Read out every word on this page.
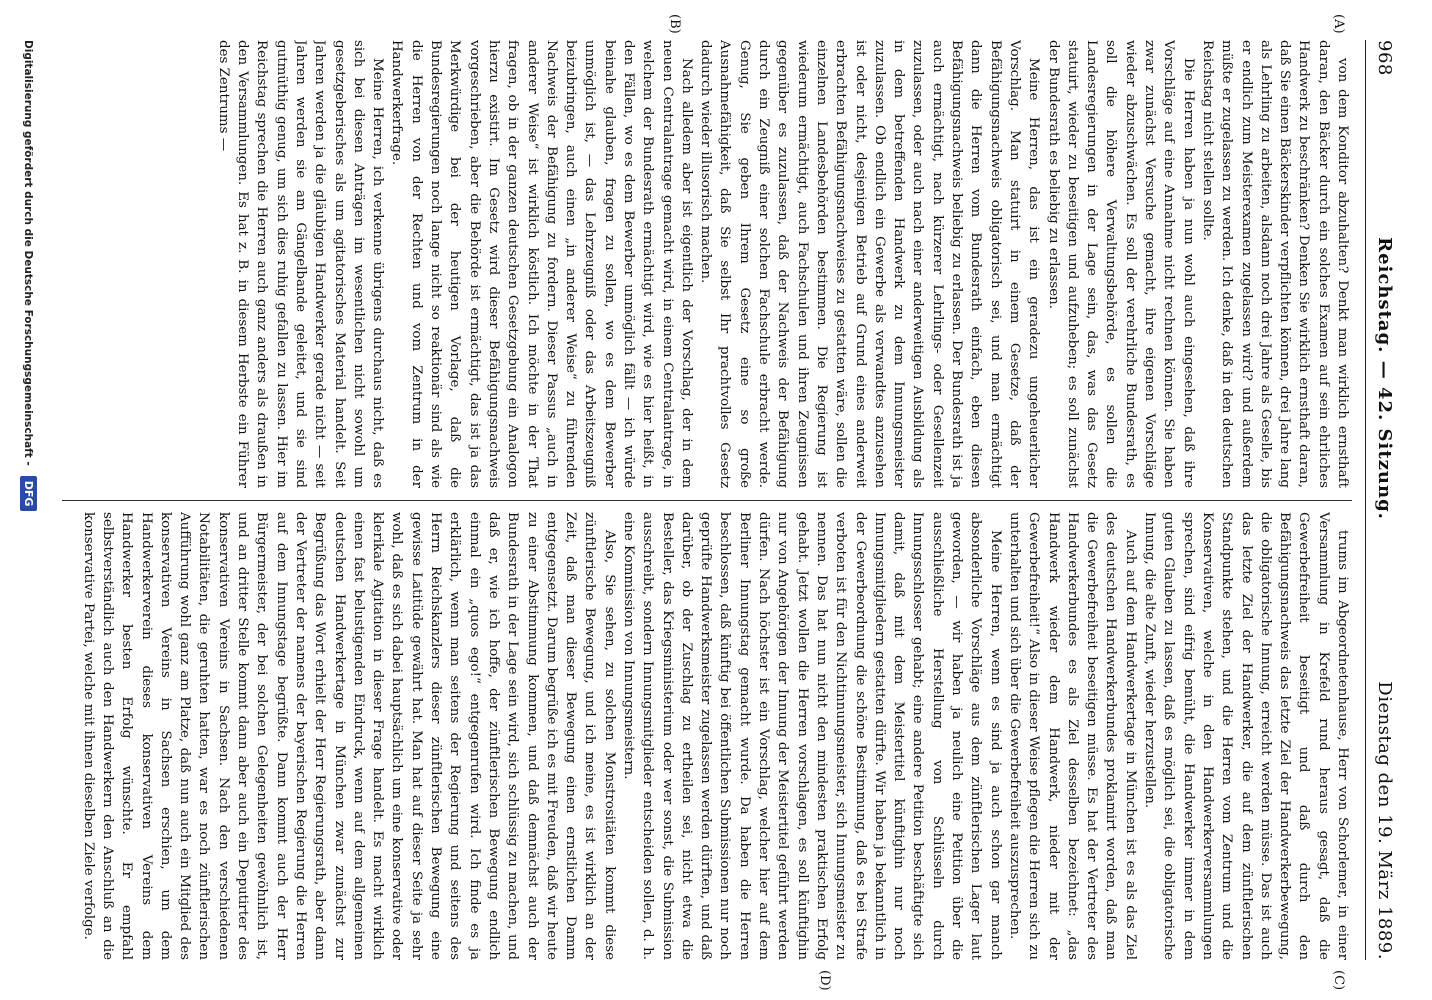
968
Reichstag. — 42. Sitzung.
Dienstag den 19. März 1889.
(A)
(B)
(C)
(D)

von dem Konditor abzuhalten? Denkt man wirklich ernsthaft daran, den Bäcker durch ein solches Examen auf sein ehrliches Handwerk zu beschränken? Denken Sie wirklich ernsthaft daran, daß Sie einen Bäckerskinder verpflichten können, drei Jahre lang als Lehrling zu arbeiten, alsdann noch drei Jahre als Geselle, bis er endlich zum Meisterexamen zugelassen wird? und außerdem müßte er zugelassen zu werden. Ich denke, daß in den deutschen Reichstag nicht stellen sollte.

Die Herren haben ja nun wohl auch eingesehen, daß ihre Vorschläge auf eine Annahme nicht rechnen können. Sie haben zwar zunächst Versuche gemacht, ihre eigenen Vorschläge wieder abzuschwächen. Es soll der verehrliche Bundesrath, es soll die höhere Verwaltungsbehörde, es sollen die Landesregierungen in der Lage sein, das, was das Gesetz statuirt, wieder zu beseitigen und aufzuheben; es soll zunächst der Bundesrath es beliebig zu erlassen.

Meine Herren, das ist ein geradezu ungeheuerlicher Vorschlag. Man statuirt in einem Gesetze, daß der Befähigungsnachweis obligatorisch sei, und man ermächtigt dann die Herren vom Bundesrath einfach, eben diesen Befähigungsnachweis beliebig zu erlassen. Der Bundesrath ist ja auch ermächtigt, nach kürzerer Lehrlings- oder Gesellenzeit zuzulassen, oder auch nach einer anderweitigen Ausbildung als in dem betreffenden Handwerk zu dem Innungsmeister zuzulassen. Ob endlich ein Gewerbe als verwandtes anzusehen ist oder nicht, desjenigen Betrieb auf Grund eines anderweit erbrachten Befähigungsnachweises zu gestatten wäre, sollen die einzelnen Landesbehörden bestimmen. Die Regierung ist wiederum ermächtigt, auch Fachschulen und ihren Zeugnissen gegenüber es zuzulassen, daß der Nachweis der Befähigung durch ein Zeugniß einer solchen Fachschule erbracht werde. Genug, Sie geben Ihrem Gesetz eine so große Ausnahmefähigkeit, daß Sie selbst Ihr prachtvolles Gesetz dadurch wieder illusorisch machen.

Nach alledem aber ist eigentlich der Vorschlag, der in dem neuen Centralantrage gemacht wird, in einem Centralantrage, in welchem der Bundesrath ermächtigt wird, wie es hier heißt, in den Fällen, wo es dem Bewerber unmöglich fällt — ich würde beinahe glauben, fragen zu sollen, wo es dem Bewerber unmöglich ist, — das Lehrzeugniß oder das Arbeitszeugniß beizubringen, auch einen „in anderer Weise“ zu führenden Nachweis der Befähigung zu fordern. Dieser Passus „auch in anderer Weise“ ist wirklich köstlich. Ich möchte in der That fragen, ob in der ganzen deutschen Gesetzgebung ein Analogon hierzu existirt. Im Gesetz wird dieser Befähigungsnachweis vorgeschrieben, aber die Behörde ist ermächtigt, das ist ja das Merkwürdige bei der heutigen Vorlage, daß die Bundesregierungen noch lange nicht so reaktionär sind als wie die Herren von der Rechten und vom Zentrum in der Handwerkerfrage.

Meine Herren, ich verkenne übrigens durchaus nicht, daß es sich bei diesen Anträgen im wesentlichen nicht sowohl um gesetzgeberisches als um agitatorisches Material handelt. Seit Jahren werden ja die gläubigen Handwerker gerade nicht — seit Jahren werden sie am Gängelbande geleitet, und sie sind gutmüthig genug, um sich dies ruhig gefallen zu lassen. Hier im Reichstag sprechen die Herren auch ganz anders als draußen in den Versammlungen. Es hat z. B. in diesem Herbste ein Führer des Zentrums —

trums im Abgeordnetenhause, Herr von Schorlemer, in einer Versammlung in Krefeld rund heraus gesagt, daß die Gewerbefreiheit beseitigt und daß durch den Befähigungsnachweis das letzte Ziel der Handwerkerbewegung, die obligatorische Innung, erreicht werden müsse. Das ist auch das letzte Ziel der Handwerker, die auf dem zünftlerischen Standpunkte stehen, und die Herren vom Zentrum und die Konservativen, welche in den Handwerkerversammlungen sprechen, sind eifrig bemüht, die Handwerker immer in dem guten Glauben zu lassen, daß es möglich sei, die obligatorische Innung, die alte Zunft, wieder herzustellen.

Auch auf dem Handwerkertage in München ist es als das Ziel des deutschen Handwerkerbundes proklamirt worden, daß man die Gewerbefreiheit beseitigen müsse. Es hat der Vertreter des Handwerkerbundes es als Ziel desselben bezeichnet: „das Handwerk wieder dem Handwerk, nieder mit der Gewerbefreiheit!“ Also in dieser Weise pflegen die Herren sich zu unterhalten und sich über die Gewerbefreiheit auszusprechen.

Meine Herren, wenn es sind ja auch schon gar manch absonderliche Vorschläge aus dem zünftlerischen Lager laut geworden, — wir haben ja neulich eine Petition über die ausschließliche Herstellung von Schlüsseln durch Innungsschlosser gehabt; eine andere Petition beschäftigte sich damit, daß mit dem Meistertitel künftighin nur noch Innungsmitgliedern gestatten dürfte. Wir haben ja bekanntlich in der Gewerbeordnung die schöne Bestimmung, daß es bei Strafe verboten ist für den Nichtinnungsmeister, sich Innungsmeister zu nennen. Das hat nun nicht den mindesten praktischen Erfolg gehabt. Jetzt wollen die Herren vorschlagen, es soll künftighin nur von Angehörigen der Innung der Meistertitel geführt werden dürfen. Nach höchster ist ein Vorschlag, welcher hier auf dem Berliner Innungstag gemacht wurde. Da haben die Herren beschlossen, daß künftig bei öffentlichen Submissionen nur noch geprüfte Handwerksmeister zugelassen werden dürften, und daß darüber, ob der Zuschlag zu ertheilen sei, nicht etwa die Besteller, das Kriegsministerium oder wer sonst, die Submission ausschreibt, sondern Innungsmitglieder entscheiden sollen, d. h. eine Kommission von Innungsmeistern.

Also, Sie sehen, zu solchen Monstrositäten kommt diese zünftlerische Bewegung, und ich meine, es ist wirklich an der Zeit, daß man dieser Bewegung einen ernstlichen Damm entgegensetzt. Darum begrüße ich es mit Freuden, daß wir heute zu einer Abstimmung kommen, und daß demnächst auch der Bundesrath in der Lage sein wird, sich schlüssig zu machen, und daß er, wie ich hoffe, der zünftlerischen Bewegung endlich einmal ein „quos ego!“ entgegenrufen wird. Ich finde es ja erklärlich, wenn man seitens der Regierung und seitens des Herrn Reichskanzlers dieser zünftlerischen Bewegung eine gewisse Latitüde gewährt hat. Man hat auf dieser Seite ja sehr wohl, daß es sich dabei hauptsächlich um eine konservative oder klerikale Agitation in dieser Frage handelt. Es macht wirklich einen fast belustigenden Eindruck, wenn auf dem allgemeinen deutschen Handwerkertage in München zwar zunächst zur Begrüßung das Wort erhielt der Herr Regierungsrath, aber dann der Vertreter der namens der bayerischen Regierung die Herren auf dem Innungstage begrüßte. Dann kommt auch der Herr Bürgermeister, der bei solchen Gelegenheiten gewöhnlich ist, und an dritter Stelle kommt dann aber auch ein Deputirter des konservativen Vereins in Sachsen. Nach den verschiedenen Notabilitäten, die geruhten hatten, war es noch zünftlerischen Aufführung wohl ganz am Platze, daß nun auch ein Mitglied des konservativen Vereins in Sachsen erschien, um dem Handwerkerverein dieses konservativen Vereins dem Handwerker besten Erfolg wünschte. Er empfahl selbstverständlich auch den Handwerkern den Anschluß an die konservative Partei, welche mit ihnen dieselben Ziele verfolge.

Digitalisierung gefördert durch die Deutsche Forschungsgemeinschaft -
DFG
